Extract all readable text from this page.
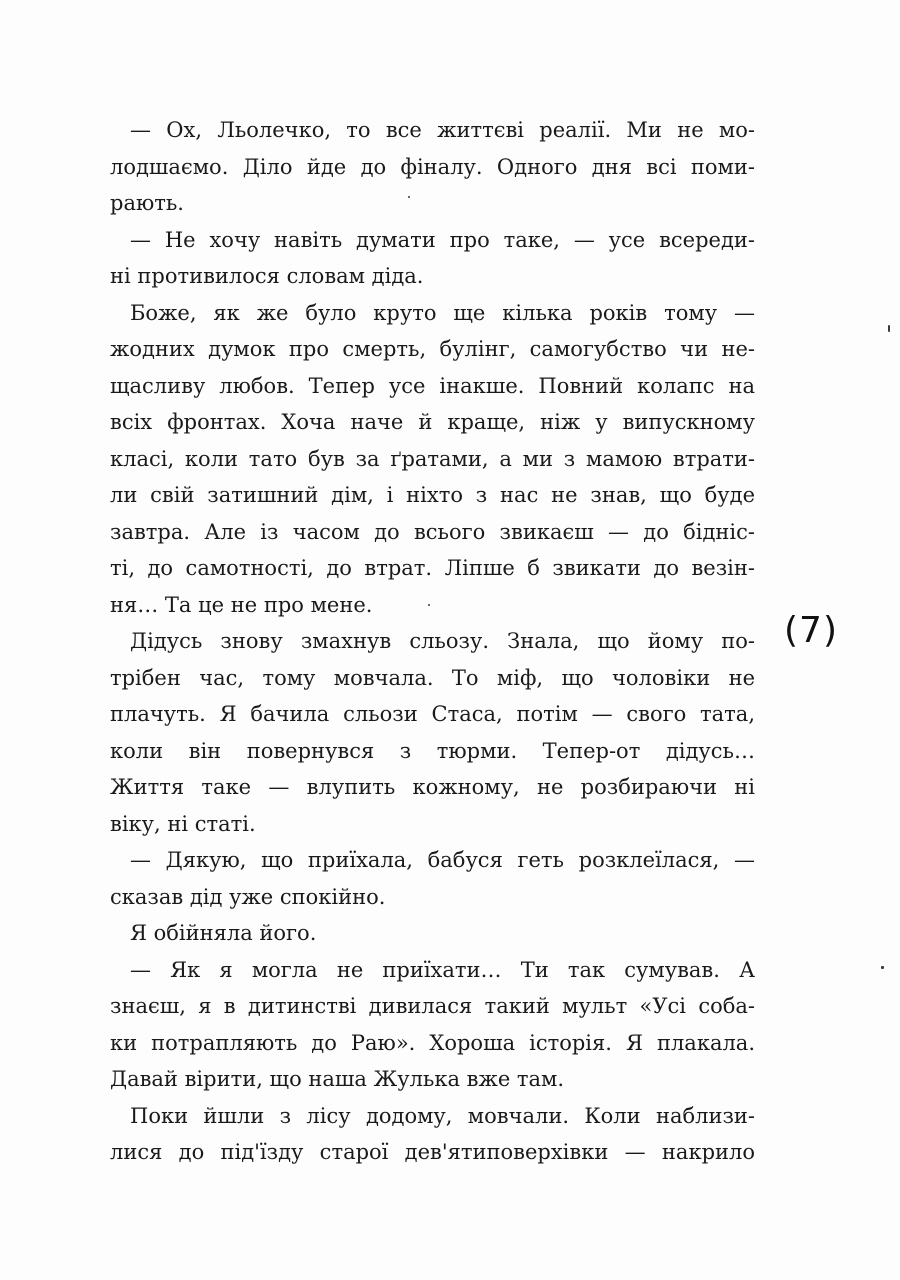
— Ох, Льолечко, то все життєві реалії. Ми не мо-
лодшаємо. Діло йде до фіналу. Одного дня всі поми-
рають.
— Не хочу навіть думати про таке, — усе всереди-
ні противилося словам діда.
Боже, як же було круто ще кілька років тому —
жодних думок про смерть, булінг, самогубство чи не-
щасливу любов. Тепер усе інакше. Повний колапс на
всіх фронтах. Хоча наче й краще, ніж у випускному
класі, коли тато був за ґратами, а ми з мамою втрати-
ли свій затишний дім, і ніхто з нас не знав, що буде
завтра. Але із часом до всього звикаєш — до бідніс-
ті, до самотності, до втрат. Ліпше б звикати до везін-
ня… Та це не про мене.
Дідусь знову змахнув сльозу. Знала, що йому по-
трібен час, тому мовчала. То міф, що чоловіки не
плачуть. Я бачила сльози Стаса, потім — свого тата,
коли він повернувся з тюрми. Тепер-от дідусь…
Життя таке — влупить кожному, не розбираючи ні
віку, ні статі.
— Дякую, що приїхала, бабуся геть розклеїлася, —
сказав дід уже спокійно.
Я обійняла його.
— Як я могла не приїхати… Ти так сумував. А
знаєш, я в дитинстві дивилася такий мульт «Усі соба-
ки потрапляють до Раю». Хороша історія. Я плакала.
Давай вірити, що наша Жулька вже там.
Поки йшли з лісу додому, мовчали. Коли наблизи-
лися до під'їзду старої дев'ятиповерхівки — накрило
(7)
